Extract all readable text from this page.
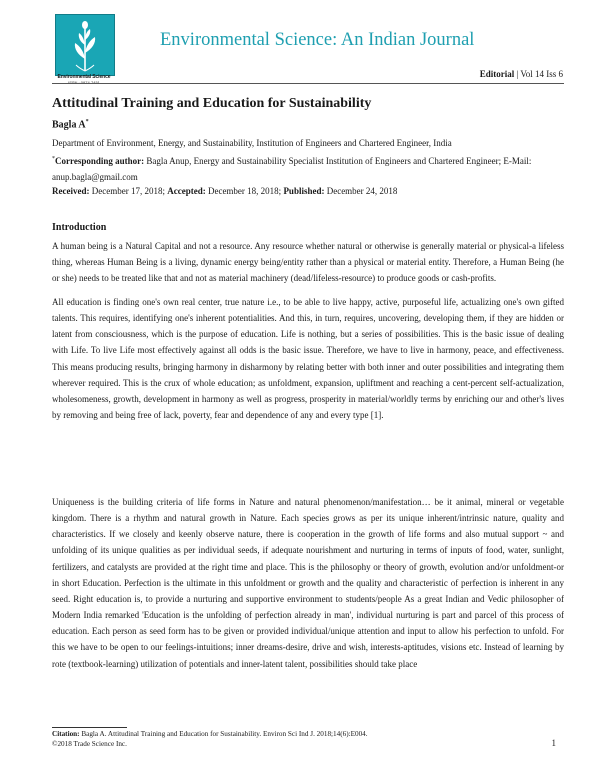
Environmental Science
ISSN : 0974-7451
Environmental Science: An Indian Journal
Editorial | Vol 14 Iss 6
Attitudinal Training and Education for Sustainability
Bagla A*
Department of Environment, Energy, and Sustainability, Institution of Engineers and Chartered Engineer, India
*Corresponding author: Bagla Anup, Energy and Sustainability Specialist Institution of Engineers and Chartered Engineer; E-Mail: anup.bagla@gmail.com
Received: December 17, 2018; Accepted: December 18, 2018; Published: December 24, 2018
Introduction

A human being is a Natural Capital and not a resource. Any resource whether natural or otherwise is generally material or physical-a lifeless thing, whereas Human Being is a living, dynamic energy being/entity rather than a physical or material entity. Therefore, a Human Being (he or she) needs to be treated like that and not as material machinery (dead/lifeless-resource) to produce goods or cash-profits.

All education is finding one's own real center, true nature i.e., to be able to live happy, active, purposeful life, actualizing one's own gifted talents. This requires, identifying one's inherent potentialities. And this, in turn, requires, uncovering, developing them, if they are hidden or latent from consciousness, which is the purpose of education. Life is nothing, but a series of possibilities. This is the basic issue of dealing with Life. To live Life most effectively against all odds is the basic issue. Therefore, we have to live in harmony, peace, and effectiveness. This means producing results, bringing harmony in disharmony by relating better with both inner and outer possibilities and integrating them wherever required. This is the crux of whole education; as unfoldment, expansion, upliftment and reaching a cent-percent self-actualization, wholesomeness, growth, development in harmony as well as progress, prosperity in material/worldly terms by enriching our and other's lives by removing and being free of lack, poverty, fear and dependence of any and every type [1].

Uniqueness is the building criteria of life forms in Nature and natural phenomenon/manifestation… be it animal, mineral or vegetable kingdom. There is a rhythm and natural growth in Nature. Each species grows as per its unique inherent/intrinsic nature, quality and characteristics. If we closely and keenly observe nature, there is cooperation in the growth of life forms and also mutual support ~ and unfolding of its unique qualities as per individual seeds, if adequate nourishment and nurturing in terms of inputs of food, water, sunlight, fertilizers, and catalysts are provided at the right time and place. This is the philosophy or theory of growth, evolution and/or unfoldment-or in short Education. Perfection is the ultimate in this unfoldment or growth and the quality and characteristic of perfection is inherent in any seed. Right education is, to provide a nurturing and supportive environment to students/people As a great Indian and Vedic philosopher of Modern India remarked 'Education is the unfolding of perfection already in man', individual nurturing is part and parcel of this process of education. Each person as seed form has to be given or provided individual/unique attention and input to allow his perfection to unfold. For this we have to be open to our feelings-intuitions; inner dreams-desire, drive and wish, interests-aptitudes, visions etc. Instead of learning by rote (textbook-learning) utilization of potentials and inner-latent talent, possibilities should take place

Citation: Bagla A. Attitudinal Training and Education for Sustainability. Environ Sci Ind J. 2018;14(6):E004.
©2018 Trade Science Inc.	1
